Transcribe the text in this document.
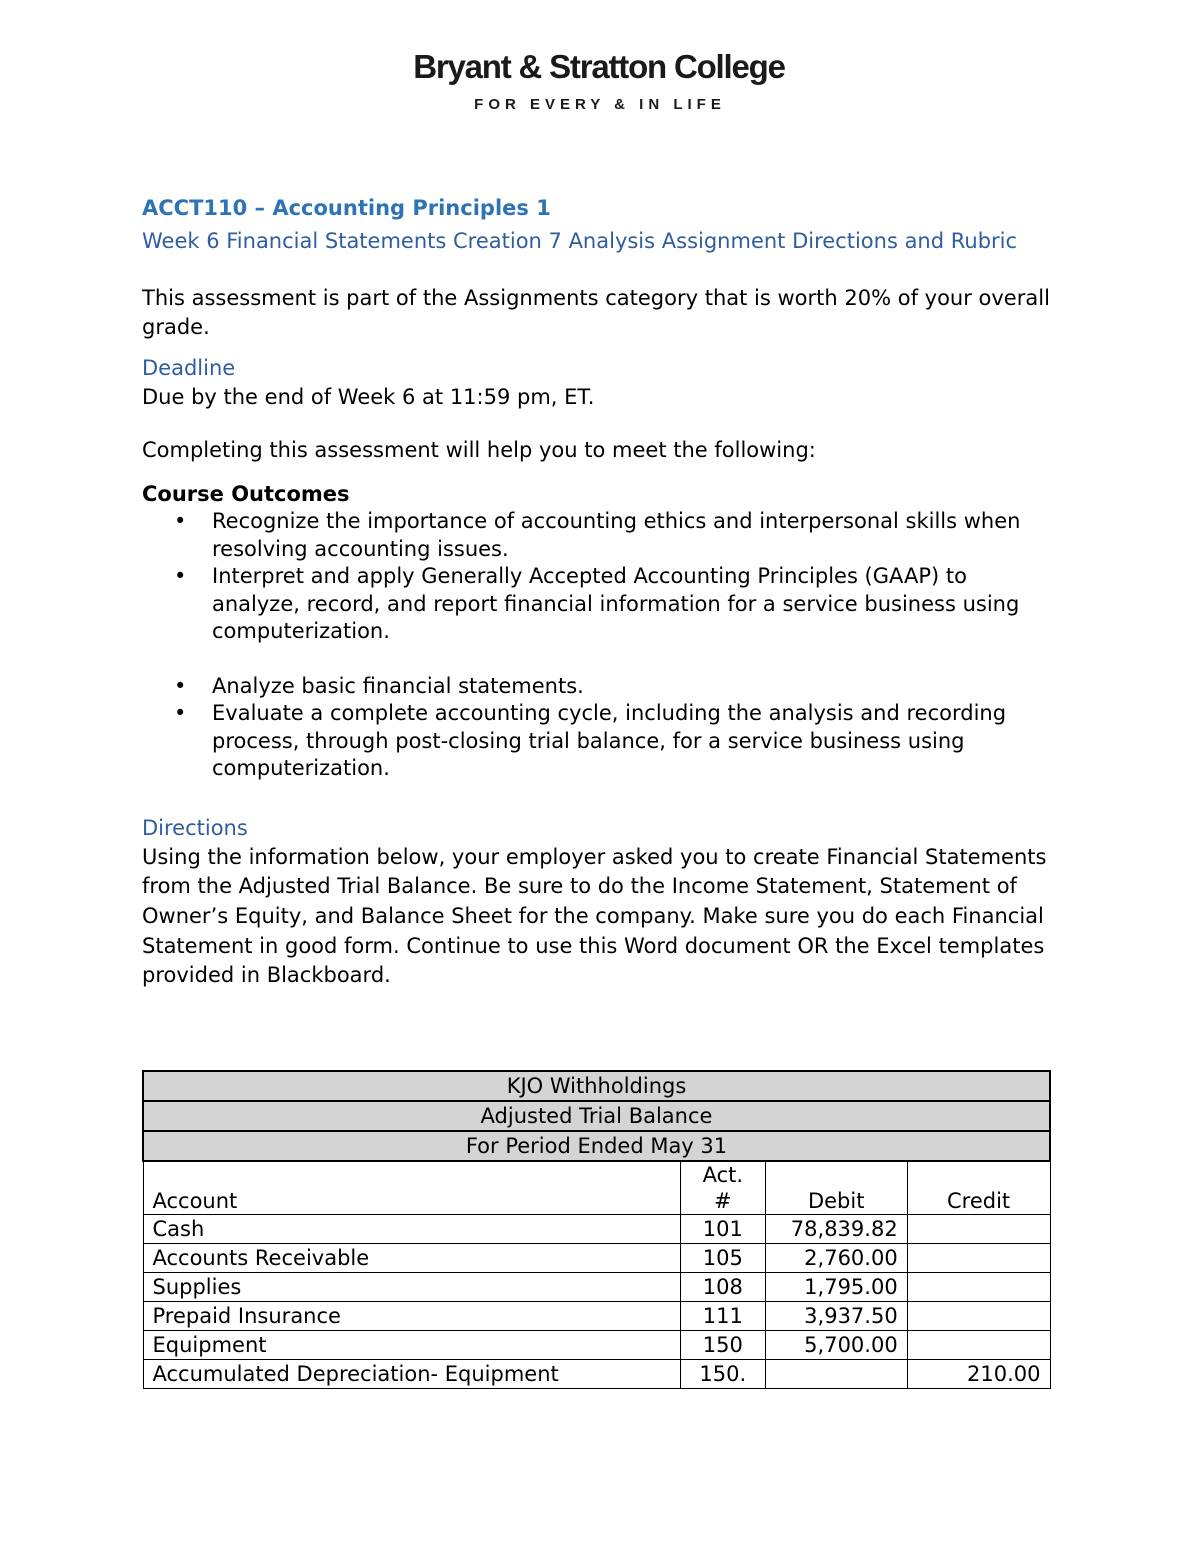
Bryant & Stratton College
FOR EVERY & IN LIFE
ACCT110 – Accounting Principles 1
Week 6 Financial Statements Creation 7 Analysis Assignment Directions and Rubric
This assessment is part of the Assignments category that is worth 20% of your overall grade.
Deadline
Due by the end of Week 6 at 11:59 pm, ET.
Completing this assessment will help you to meet the following:
Course Outcomes
• Recognize the importance of accounting ethics and interpersonal skills when resolving accounting issues.
• Interpret and apply Generally Accepted Accounting Principles (GAAP) to analyze, record, and report financial information for a service business using computerization.
• Analyze basic financial statements.
• Evaluate a complete accounting cycle, including the analysis and recording process, through post-closing trial balance, for a service business using computerization.
Directions
Using the information below, your employer asked you to create Financial Statements from the Adjusted Trial Balance. Be sure to do the Income Statement, Statement of Owner’s Equity, and Balance Sheet for the company. Make sure you do each Financial Statement in good form. Continue to use this Word document OR the Excel templates provided in Blackboard.
KJO Withholdings			
Adjusted Trial Balance			
For Period Ended May 31			
Account	Act.
#	Debit	Credit
Cash	101	78,839.82	
Accounts Receivable	105	2,760.00	
Supplies	108	1,795.00	
Prepaid Insurance	111	3,937.50	
Equipment	150	5,700.00	
Accumulated Depreciation- Equipment	150.		210.00
